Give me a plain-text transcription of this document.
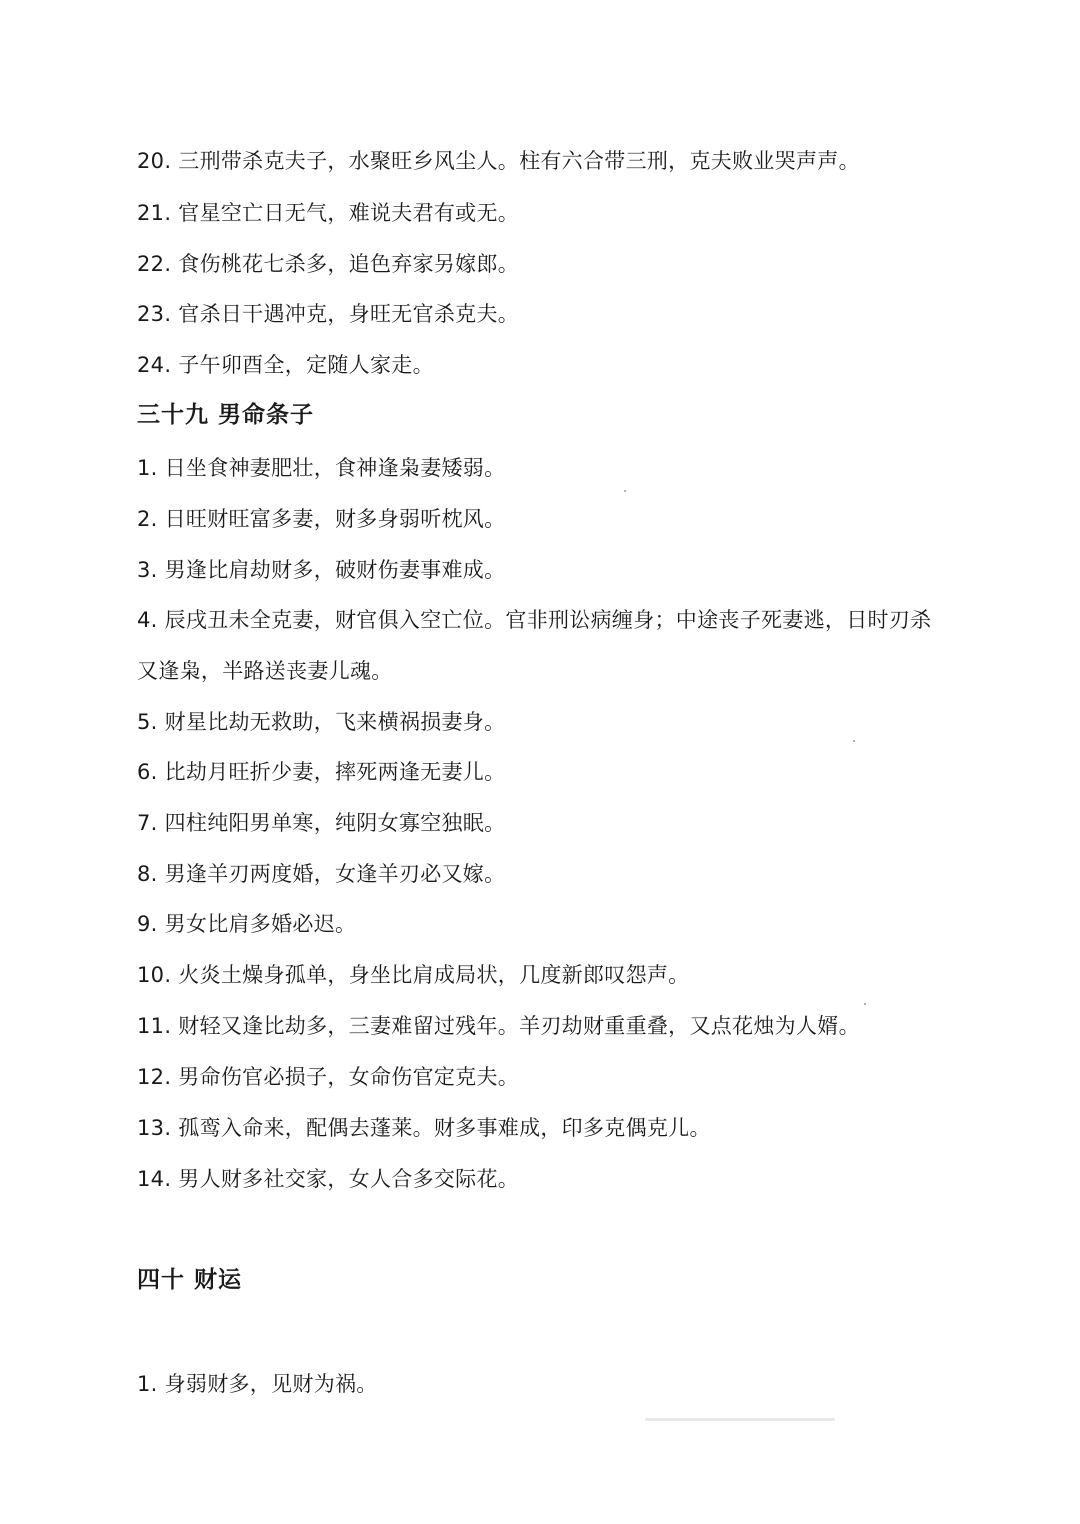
20. 三刑带杀克夫子，水聚旺乡风尘人。柱有六合带三刑，克夫败业哭声声。
21. 官星空亡日无气，难说夫君有或无。
22. 食伤桃花七杀多，追色弃家另嫁郎。
23. 官杀日干遇冲克，身旺无官杀克夫。
24. 子午卯酉全，定随人家走。
三十九 男命条子
1. 日坐食神妻肥壮，食神逢枭妻矮弱。
2. 日旺财旺富多妻，财多身弱听枕风。
3. 男逢比肩劫财多，破财伤妻事难成。
4. 辰戌丑未全克妻，财官俱入空亡位。官非刑讼病缠身；中途丧子死妻逃，日时刃杀
又逢枭，半路送丧妻儿魂。
5. 财星比劫无救助，飞来横祸损妻身。
6. 比劫月旺折少妻，摔死两逢无妻儿。
7. 四柱纯阳男单寒，纯阴女寡空独眠。
8. 男逢羊刃两度婚，女逢羊刃必又嫁。
9. 男女比肩多婚必迟。
10. 火炎土燥身孤单，身坐比肩成局状，几度新郎叹怨声。
11. 财轻又逢比劫多，三妻难留过残年。羊刃劫财重重叠，又点花烛为人婿。
12. 男命伤官必损子，女命伤官定克夫。
13. 孤鸾入命来，配偶去蓬莱。财多事难成，印多克偶克儿。
14. 男人财多社交家，女人合多交际花。
四十 财运
1. 身弱财多，见财为祸。
